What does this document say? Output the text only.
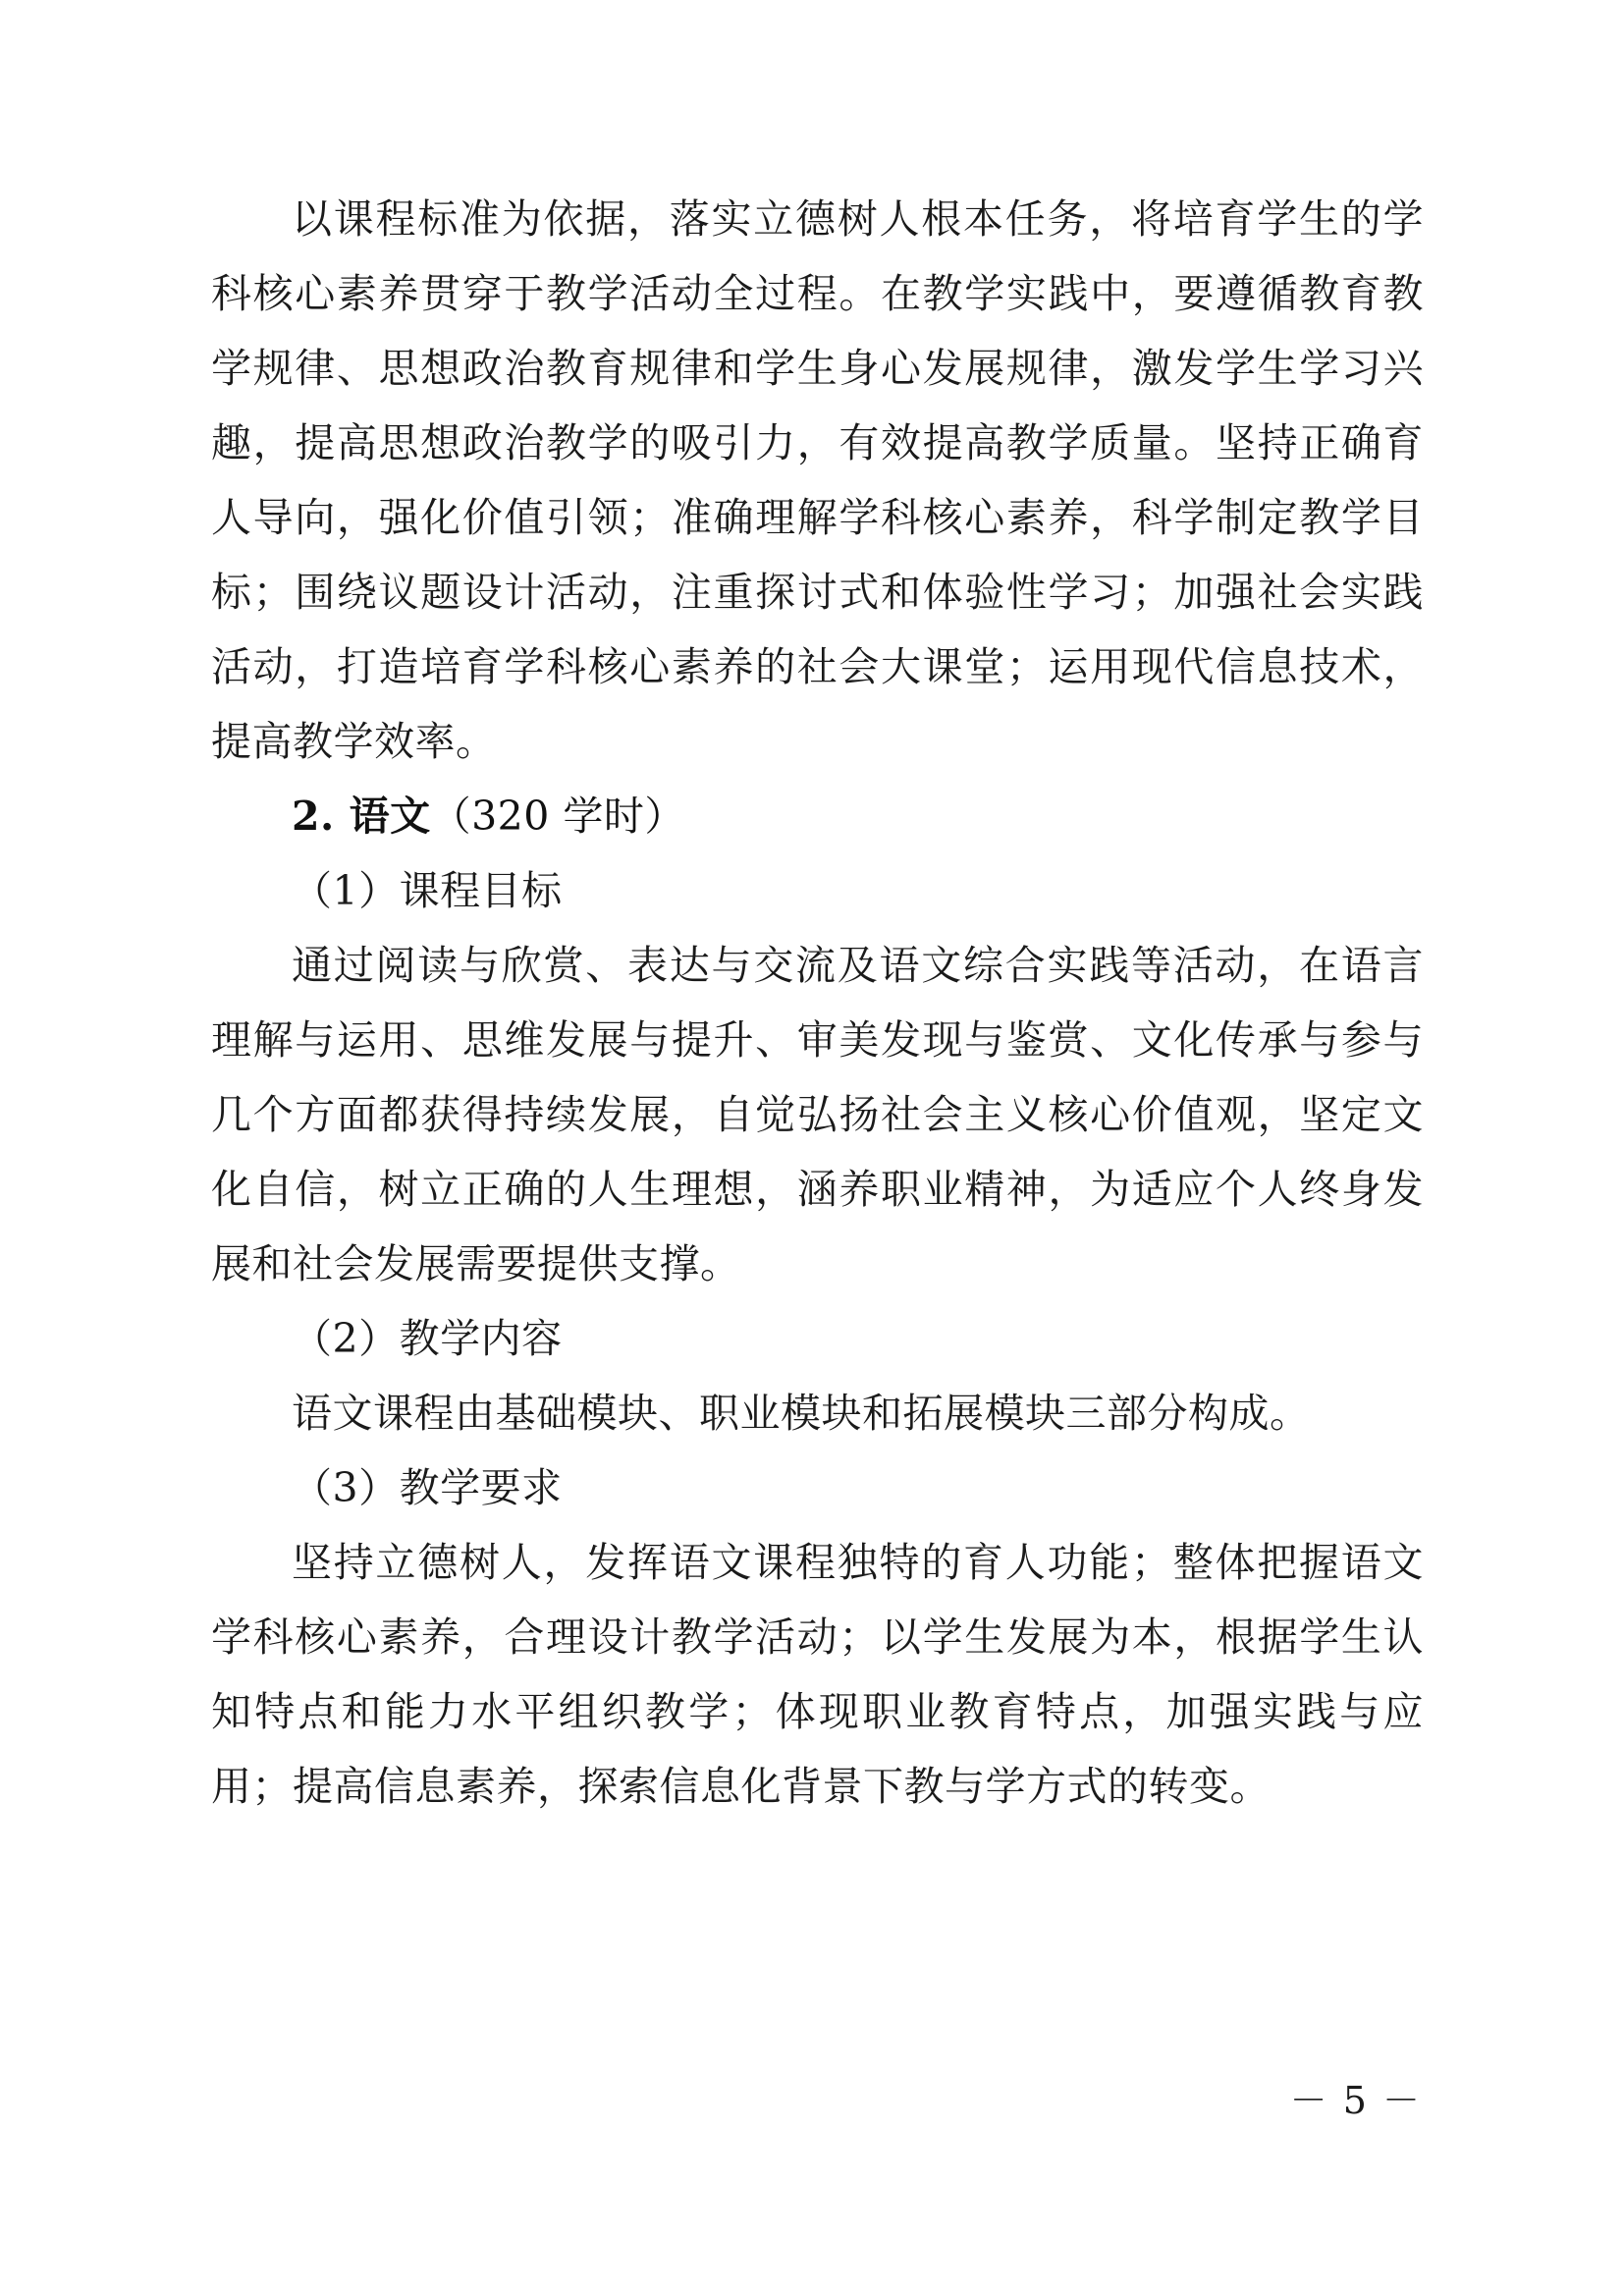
以课程标准为依据，落实立德树人根本任务，将培育学生的学科核心素养贯穿于教学活动全过程。在教学实践中，要遵循教育教学规律、思想政治教育规律和学生身心发展规律，激发学生学习兴趣，提高思想政治教学的吸引力，有效提高教学质量。坚持正确育人导向，强化价值引领；准确理解学科核心素养，科学制定教学目标；围绕议题设计活动，注重探讨式和体验性学习；加强社会实践活动，打造培育学科核心素养的社会大课堂；运用现代信息技术，提高教学效率。

2. 语文（320 学时）

（1）课程目标

通过阅读与欣赏、表达与交流及语文综合实践等活动，在语言理解与运用、思维发展与提升、审美发现与鉴赏、文化传承与参与几个方面都获得持续发展，自觉弘扬社会主义核心价值观，坚定文化自信，树立正确的人生理想，涵养职业精神，为适应个人终身发展和社会发展需要提供支撑。

（2）教学内容

语文课程由基础模块、职业模块和拓展模块三部分构成。

（3）教学要求

坚持立德树人，发挥语文课程独特的育人功能；整体把握语文学科核心素养，合理设计教学活动；以学生发展为本，根据学生认知特点和能力水平组织教学；体现职业教育特点，加强实践与应用；提高信息素养，探索信息化背景下教与学方式的转变。

－ 5 －
